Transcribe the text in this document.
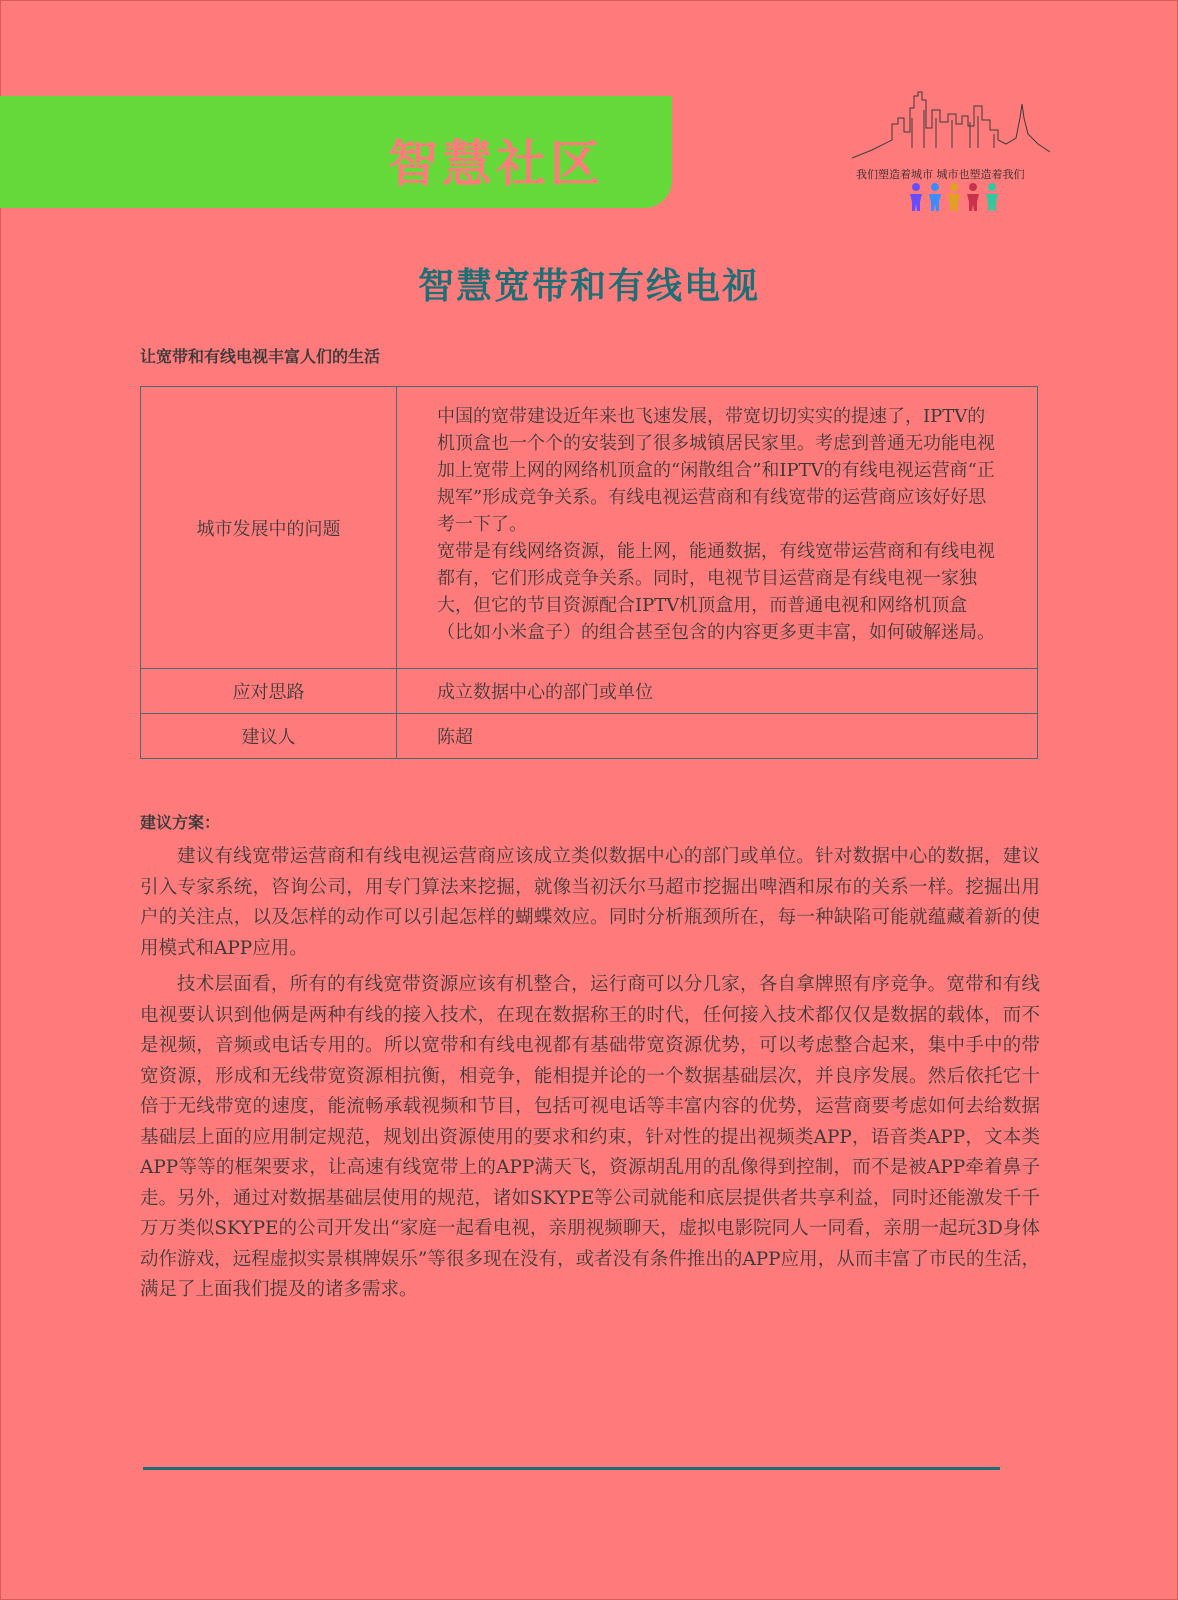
智慧社区	我们塑造着城市 城市也塑造着我们
智慧宽带和有线电视
让宽带和有线电视丰富人们的生活
城市发展中的问题	中国的宽带建设近年来也飞速发展，带宽切切实实的提速了，IPTV的机顶盒也一个个的安装到了很多城镇居民家里。考虑到普通无功能电视加上宽带上网的网络机顶盒的“闲散组合”和IPTV的有线电视运营商“正规军”形成竞争关系。有线电视运营商和有线宽带的运营商应该好好思考一下了。

宽带是有线网络资源，能上网，能通数据，有线宽带运营商和有线电视都有，它们形成竞争关系。同时，电视节目运营商是有线电视一家独大，但它的节目资源配合IPTV机顶盒用，而普通电视和网络机顶盒（比如小米盒子）的组合甚至包含的内容更多更丰富，如何破解迷局。

应对思路	成立数据中心的部门或单位
建议人	陈超
建议方案：

建议有线宽带运营商和有线电视运营商应该成立类似数据中心的部门或单位。针对数据中心的数据，建议引入专家系统，咨询公司，用专门算法来挖掘，就像当初沃尔马超市挖掘出啤酒和尿布的关系一样。挖掘出用户的关注点，以及怎样的动作可以引起怎样的蝴蝶效应。同时分析瓶颈所在，每一种缺陷可能就蕴藏着新的使用模式和APP应用。

技术层面看，所有的有线宽带资源应该有机整合，运行商可以分几家，各自拿牌照有序竞争。宽带和有线电视要认识到他俩是两种有线的接入技术，在现在数据称王的时代，任何接入技术都仅仅是数据的载体，而不是视频，音频或电话专用的。所以宽带和有线电视都有基础带宽资源优势，可以考虑整合起来，集中手中的带宽资源，形成和无线带宽资源相抗衡，相竞争，能相提并论的一个数据基础层次，并良序发展。然后依托它十倍于无线带宽的速度，能流畅承载视频和节目，包括可视电话等丰富内容的优势，运营商要考虑如何去给数据基础层上面的应用制定规范，规划出资源使用的要求和约束，针对性的提出视频类APP，语音类APP，文本类APP等等的框架要求，让高速有线宽带上的APP满天飞，资源胡乱用的乱像得到控制，而不是被APP牵着鼻子走。另外，通过对数据基础层使用的规范，诸如SKYPE等公司就能和底层提供者共享利益，同时还能激发千千万万类似SKYPE的公司开发出“家庭一起看电视，亲朋视频聊天，虚拟电影院同人一同看，亲朋一起玩3D身体动作游戏，远程虚拟实景棋牌娱乐”等很多现在没有，或者没有条件推出的APP应用，从而丰富了市民的生活，满足了上面我们提及的诸多需求。
